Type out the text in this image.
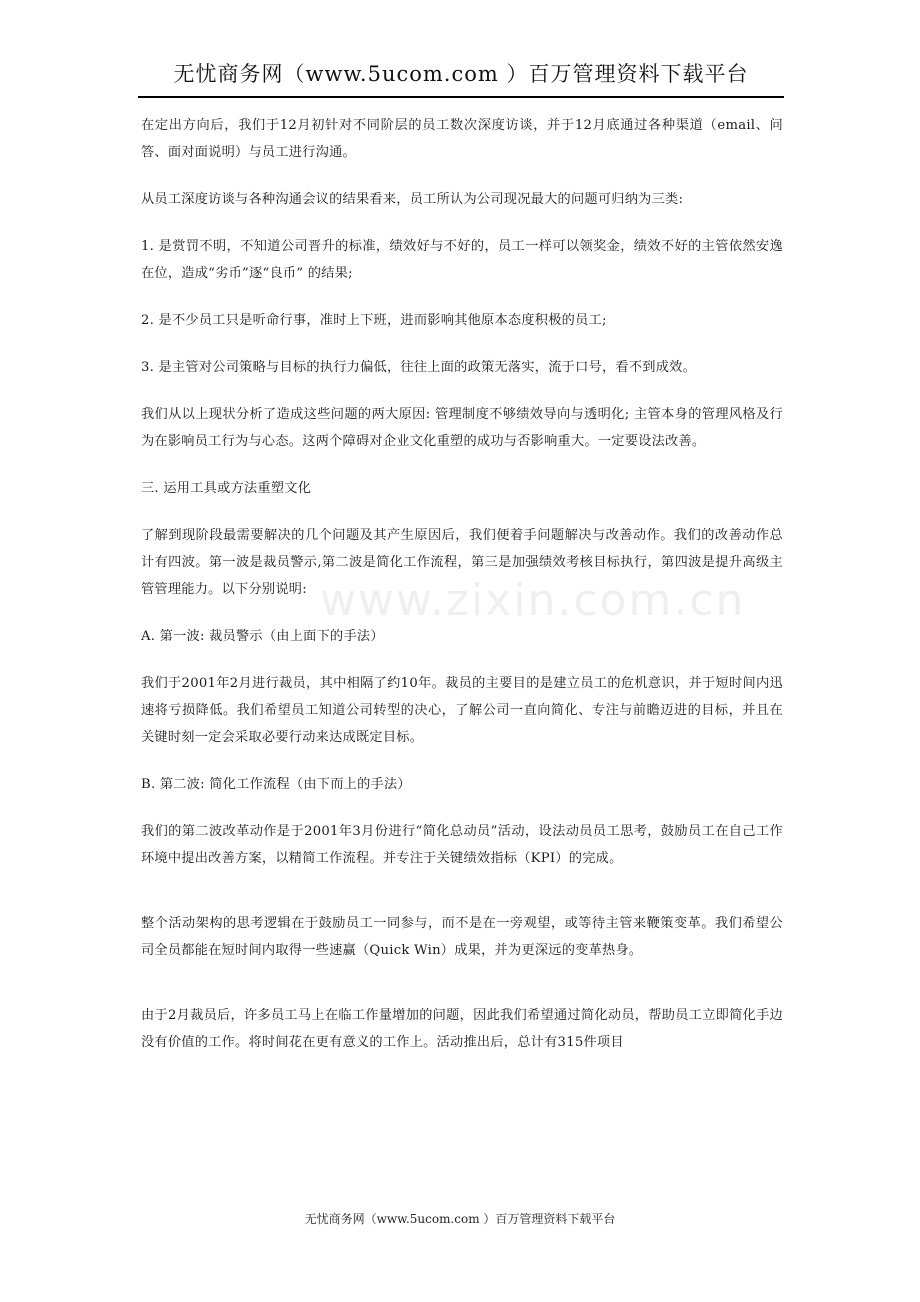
无忧商务网（www.5ucom.com ）百万管理资料下载平台
www.zixin.com.cn

在定出方向后，我们于12月初针对不同阶层的员工数次深度访谈，并于12月底通过各种渠道（email、问答、面对面说明）与员工进行沟通。

从员工深度访谈与各种沟通会议的结果看来，员工所认为公司现况最大的问题可归纳为三类:

1. 是赏罚不明，不知道公司晋升的标准，绩效好与不好的，员工一样可以领奖金，绩效不好的主管依然安逸在位，造成“劣币”逐“良币” 的结果;

2. 是不少员工只是听命行事，准时上下班，进而影响其他原本态度积极的员工;

3. 是主管对公司策略与目标的执行力偏低，往往上面的政策无落实，流于口号，看不到成效。

我们从以上现状分析了造成这些问题的两大原因: 管理制度不够绩效导向与透明化; 主管本身的管理风格及行为在影响员工行为与心态。这两个障碍对企业文化重塑的成功与否影响重大。一定要设法改善。

三. 运用工具或方法重塑文化

了解到现阶段最需要解决的几个问题及其产生原因后，我们便着手问题解决与改善动作。我们的改善动作总计有四波。第一波是裁员警示,第二波是简化工作流程，第三是加强绩效考核目标执行，第四波是提升高级主管管理能力。以下分别说明:

A. 第一波: 裁员警示（由上面下的手法）

我们于2001年2月进行裁员，其中相隔了约10年。裁员的主要目的是建立员工的危机意识，并于短时间内迅速将亏损降低。我们希望员工知道公司转型的决心，了解公司一直向简化、专注与前瞻迈进的目标，并且在关键时刻一定会采取必要行动来达成既定目标。

B. 第二波: 简化工作流程（由下而上的手法）

我们的第二波改革动作是于2001年3月份进行“简化总动员”活动，设法动员员工思考，鼓励员工在自己工作环境中提出改善方案，以精简工作流程。并专注于关键绩效指标（KPI）的完成。

整个活动架构的思考逻辑在于鼓励员工一同参与，而不是在一旁观望，或等待主管来鞭策变革。我们希望公司全员都能在短时间内取得一些速赢（Quick Win）成果，并为更深远的变革热身。

由于2月裁员后，许多员工马上在临工作量增加的问题，因此我们希望通过简化动员，帮助员工立即简化手边没有价值的工作。将时间花在更有意义的工作上。活动推出后，总计有315件项目

无忧商务网（www.5ucom.com ）百万管理资料下载平台
